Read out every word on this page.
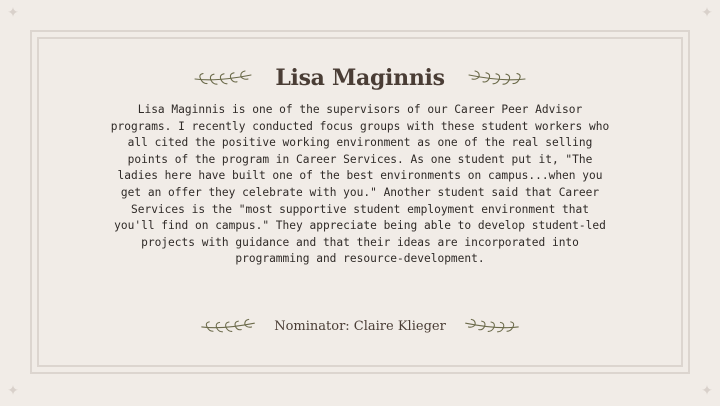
✦	✦
✦	✦
Lisa Maginnis

Lisa Maginnis is one of the supervisors of our Career Peer Advisor programs. I recently conducted focus groups with these student workers who all cited the positive working environment as one of the real selling points of the program in Career Services. As one student put it, "The ladies here have built one of the best environments on campus...when you get an offer they celebrate with you." Another student said that Career Services is the "most supportive student employment environment that you'll find on campus." They appreciate being able to develop student-led projects with guidance and that their ideas are incorporated into programming and resource-development.

Nominator: Claire Klieger
